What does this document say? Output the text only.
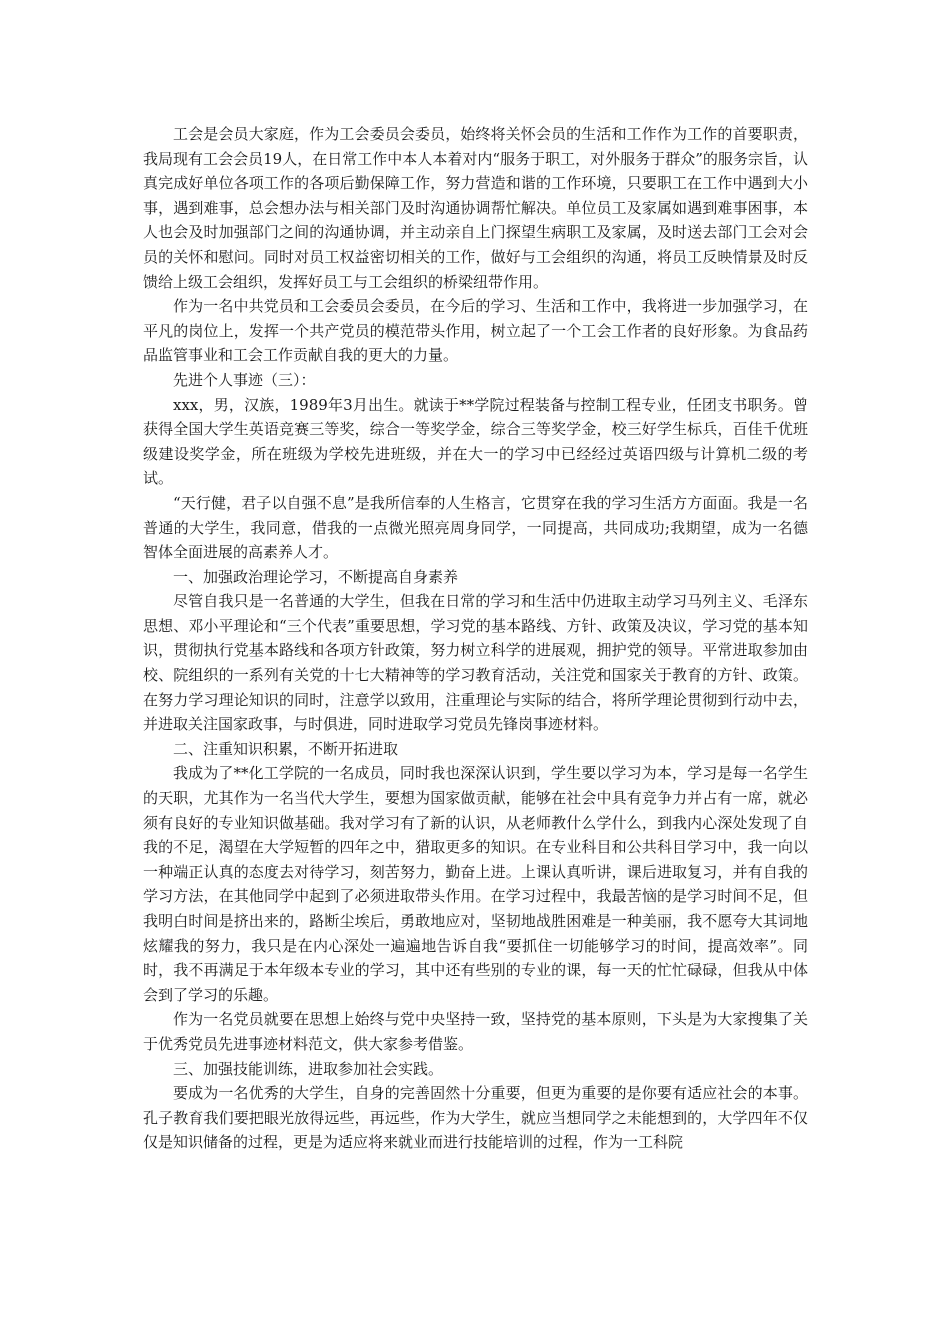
工会是会员大家庭，作为工会委员会委员，始终将关怀会员的生活和工作作为工作的首要职责，我局现有工会会员19人，在日常工作中本人本着对内“服务于职工，对外服务于群众”的服务宗旨，认真完成好单位各项工作的各项后勤保障工作，努力营造和谐的工作环境，只要职工在工作中遇到大小事，遇到难事，总会想办法与相关部门及时沟通协调帮忙解决。单位员工及家属如遇到难事困事，本人也会及时加强部门之间的沟通协调，并主动亲自上门探望生病职工及家属，及时送去部门工会对会员的关怀和慰问。同时对员工权益密切相关的工作，做好与工会组织的沟通，将员工反映情景及时反馈给上级工会组织，发挥好员工与工会组织的桥梁纽带作用。

作为一名中共党员和工会委员会委员，在今后的学习、生活和工作中，我将进一步加强学习，在平凡的岗位上，发挥一个共产党员的模范带头作用，树立起了一个工会工作者的良好形象。为食品药品监管事业和工会工作贡献自我的更大的力量。

先进个人事迹（三）：

xxx，男，汉族，1989年3月出生。就读于**学院过程装备与控制工程专业，任团支书职务。曾获得全国大学生英语竞赛三等奖，综合一等奖学金，综合三等奖学金，校三好学生标兵，百佳千优班级建设奖学金，所在班级为学校先进班级，并在大一的学习中已经经过英语四级与计算机二级的考试。

“天行健，君子以自强不息”是我所信奉的人生格言，它贯穿在我的学习生活方方面面。我是一名普通的大学生，我同意，借我的一点微光照亮周身同学，一同提高，共同成功;我期望，成为一名德智体全面进展的高素养人才。

一、加强政治理论学习，不断提高自身素养

尽管自我只是一名普通的大学生，但我在日常的学习和生活中仍进取主动学习马列主义、毛泽东思想、邓小平理论和“三个代表”重要思想，学习党的基本路线、方针、政策及决议，学习党的基本知识，贯彻执行党基本路线和各项方针政策，努力树立科学的进展观，拥护党的领导。平常进取参加由校、院组织的一系列有关党的十七大精神等的学习教育活动，关注党和国家关于教育的方针、政策。在努力学习理论知识的同时，注意学以致用，注重理论与实际的结合，将所学理论贯彻到行动中去，并进取关注国家政事，与时俱进，同时进取学习党员先锋岗事迹材料。

二、注重知识积累，不断开拓进取

我成为了**化工学院的一名成员，同时我也深深认识到，学生要以学习为本，学习是每一名学生的天职，尤其作为一名当代大学生，要想为国家做贡献，能够在社会中具有竞争力并占有一席，就必须有良好的专业知识做基础。我对学习有了新的认识，从老师教什么学什么，到我内心深处发现了自我的不足，渴望在大学短暂的四年之中，猎取更多的知识。在专业科目和公共科目学习中，我一向以一种端正认真的态度去对待学习，刻苦努力，勤奋上进。上课认真听讲，课后进取复习，并有自我的学习方法，在其他同学中起到了必须进取带头作用。在学习过程中，我最苦恼的是学习时间不足，但我明白时间是挤出来的，路断尘埃后，勇敢地应对，坚韧地战胜困难是一种美丽，我不愿夸大其词地炫耀我的努力，我只是在内心深处一遍遍地告诉自我“要抓住一切能够学习的时间，提高效率”。同时，我不再满足于本年级本专业的学习，其中还有些别的专业的课，每一天的忙忙碌碌，但我从中体会到了学习的乐趣。

作为一名党员就要在思想上始终与党中央坚持一致，坚持党的基本原则，下头是为大家搜集了关于优秀党员先进事迹材料范文，供大家参考借鉴。

三、加强技能训练，进取参加社会实践。

要成为一名优秀的大学生，自身的完善固然十分重要，但更为重要的是你要有适应社会的本事。孔子教育我们要把眼光放得远些，再远些，作为大学生，就应当想同学之未能想到的，大学四年不仅仅是知识储备的过程，更是为适应将来就业而进行技能培训的过程，作为一工科院
